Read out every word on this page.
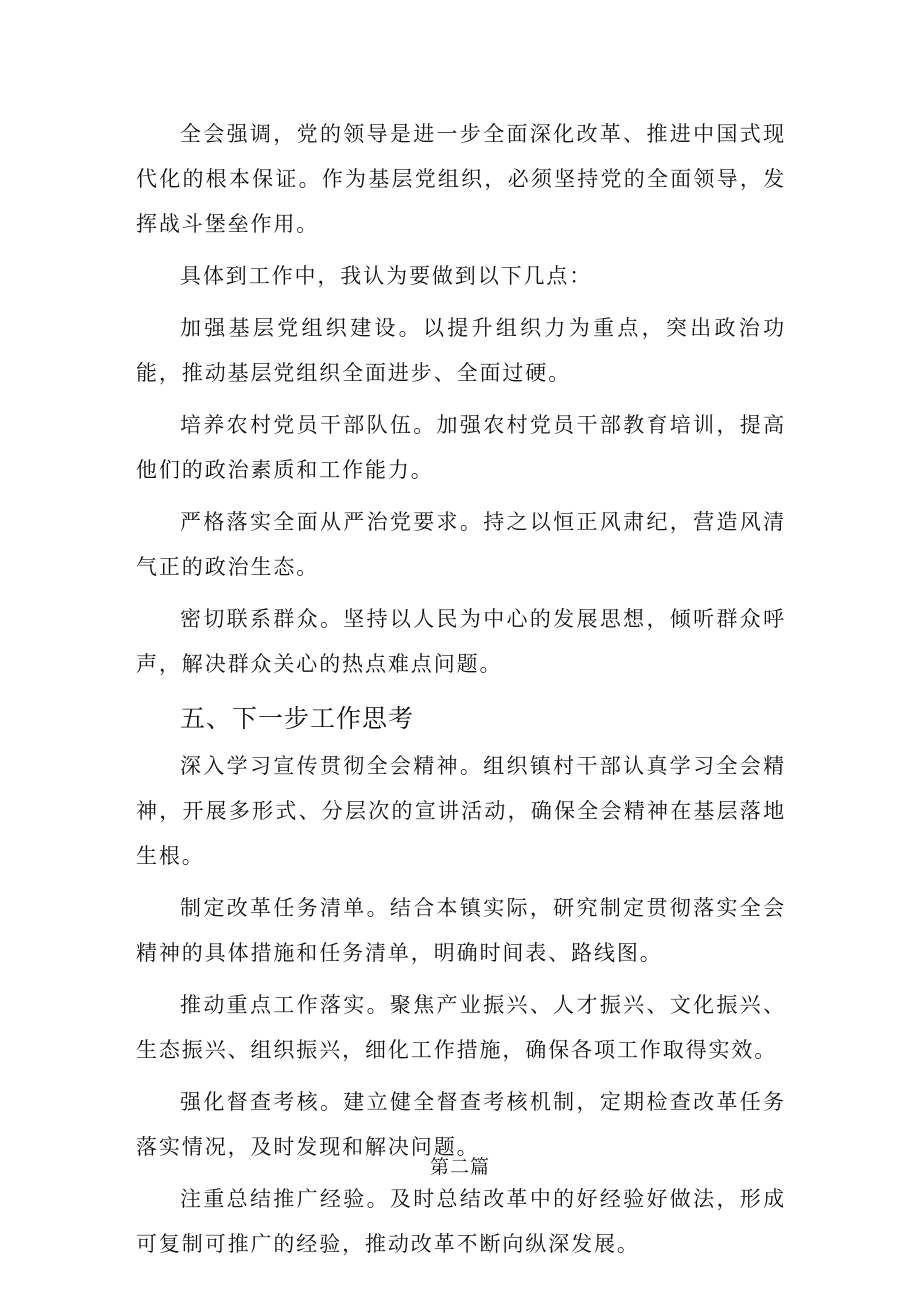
全会强调，党的领导是进一步全面深化改革、推进中国式现代化的根本保证。作为基层党组织，必须坚持党的全面领导，发挥战斗堡垒作用。

具体到工作中，我认为要做到以下几点：

加强基层党组织建设。以提升组织力为重点，突出政治功能，推动基层党组织全面进步、全面过硬。

培养农村党员干部队伍。加强农村党员干部教育培训，提高他们的政治素质和工作能力。

严格落实全面从严治党要求。持之以恒正风肃纪，营造风清气正的政治生态。

密切联系群众。坚持以人民为中心的发展思想，倾听群众呼声，解决群众关心的热点难点问题。

五、下一步工作思考

深入学习宣传贯彻全会精神。组织镇村干部认真学习全会精神，开展多形式、分层次的宣讲活动，确保全会精神在基层落地生根。

制定改革任务清单。结合本镇实际，研究制定贯彻落实全会精神的具体措施和任务清单，明确时间表、路线图。

推动重点工作落实。聚焦产业振兴、人才振兴、文化振兴、生态振兴、组织振兴，细化工作措施，确保各项工作取得实效。

强化督查考核。建立健全督查考核机制，定期检查改革任务落实情况，及时发现和解决问题。

注重总结推广经验。及时总结改革中的好经验好做法，形成可复制可推广的经验，推动改革不断向纵深发展。

第二篇
